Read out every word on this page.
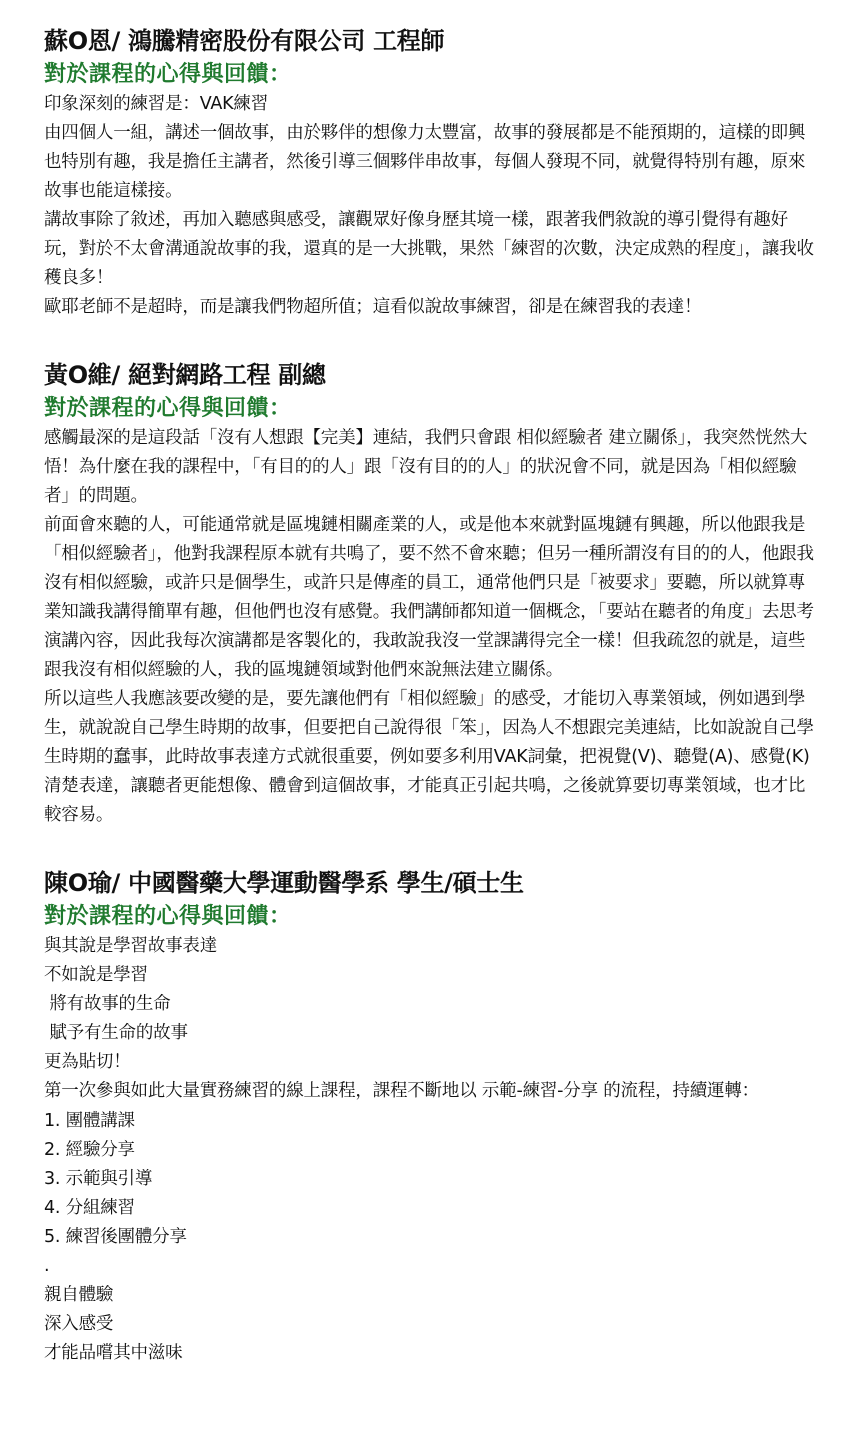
蘇O恩/ 鴻騰精密股份有限公司 工程師
對於課程的心得與回饋：

印象深刻的練習是：VAK練習

由四個人一組，講述一個故事，由於夥伴的想像力太豐富，故事的發展都是不能預期的，這樣的即興也特別有趣，我是擔任主講者，然後引導三個夥伴串故事，每個人發現不同，就覺得特別有趣，原來故事也能這樣接。

講故事除了敘述，再加入聽感與感受，讓觀眾好像身歷其境一樣，跟著我們敘說的導引覺得有趣好玩，對於不太會溝通說故事的我，還真的是一大挑戰，果然「練習的次數，決定成熟的程度」，讓我收穫良多！

歐耶老師不是超時，而是讓我們物超所值；這看似說故事練習，卻是在練習我的表達！

黃O維/ 絕對網路工程 副總
對於課程的心得與回饋：

感觸最深的是這段話「沒有人想跟【完美】連結，我們只會跟 相似經驗者 建立關係」，我突然恍然大悟！為什麼在我的課程中，「有目的的人」跟「沒有目的的人」的狀況會不同，就是因為「相似經驗者」的問題。

前面會來聽的人，可能通常就是區塊鏈相關產業的人，或是他本來就對區塊鏈有興趣，所以他跟我是「相似經驗者」，他對我課程原本就有共鳴了，要不然不會來聽；但另一種所謂沒有目的的人，他跟我沒有相似經驗，或許只是個學生，或許只是傳產的員工，通常他們只是「被要求」要聽，所以就算專業知識我講得簡單有趣，但他們也沒有感覺。我們講師都知道一個概念，「要站在聽者的角度」去思考演講內容，因此我每次演講都是客製化的，我敢說我沒一堂課講得完全一樣！但我疏忽的就是，這些跟我沒有相似經驗的人，我的區塊鏈領域對他們來說無法建立關係。

所以這些人我應該要改變的是，要先讓他們有「相似經驗」的感受，才能切入專業領域，例如遇到學生，就說說自己學生時期的故事，但要把自己說得很「笨」，因為人不想跟完美連結，比如說說自己學生時期的蠢事，此時故事表達方式就很重要，例如要多利用VAK詞彙，把視覺(V)、聽覺(A)、感覺(K)清楚表達，讓聽者更能想像、體會到這個故事，才能真正引起共鳴，之後就算要切專業領域，也才比較容易。

陳O瑜/ 中國醫藥大學運動醫學系 學生/碩士生
對於課程的心得與回饋：

與其說是學習故事表達

不如說是學習

將有故事的生命

賦予有生命的故事

更為貼切！

第一次參與如此大量實務練習的線上課程，課程不斷地以 示範-練習-分享 的流程，持續運轉：

1. 團體講課

2. 經驗分享

3. 示範與引導

4. 分組練習

5. 練習後團體分享

.

親自體驗

深入感受

才能品嚐其中滋味
